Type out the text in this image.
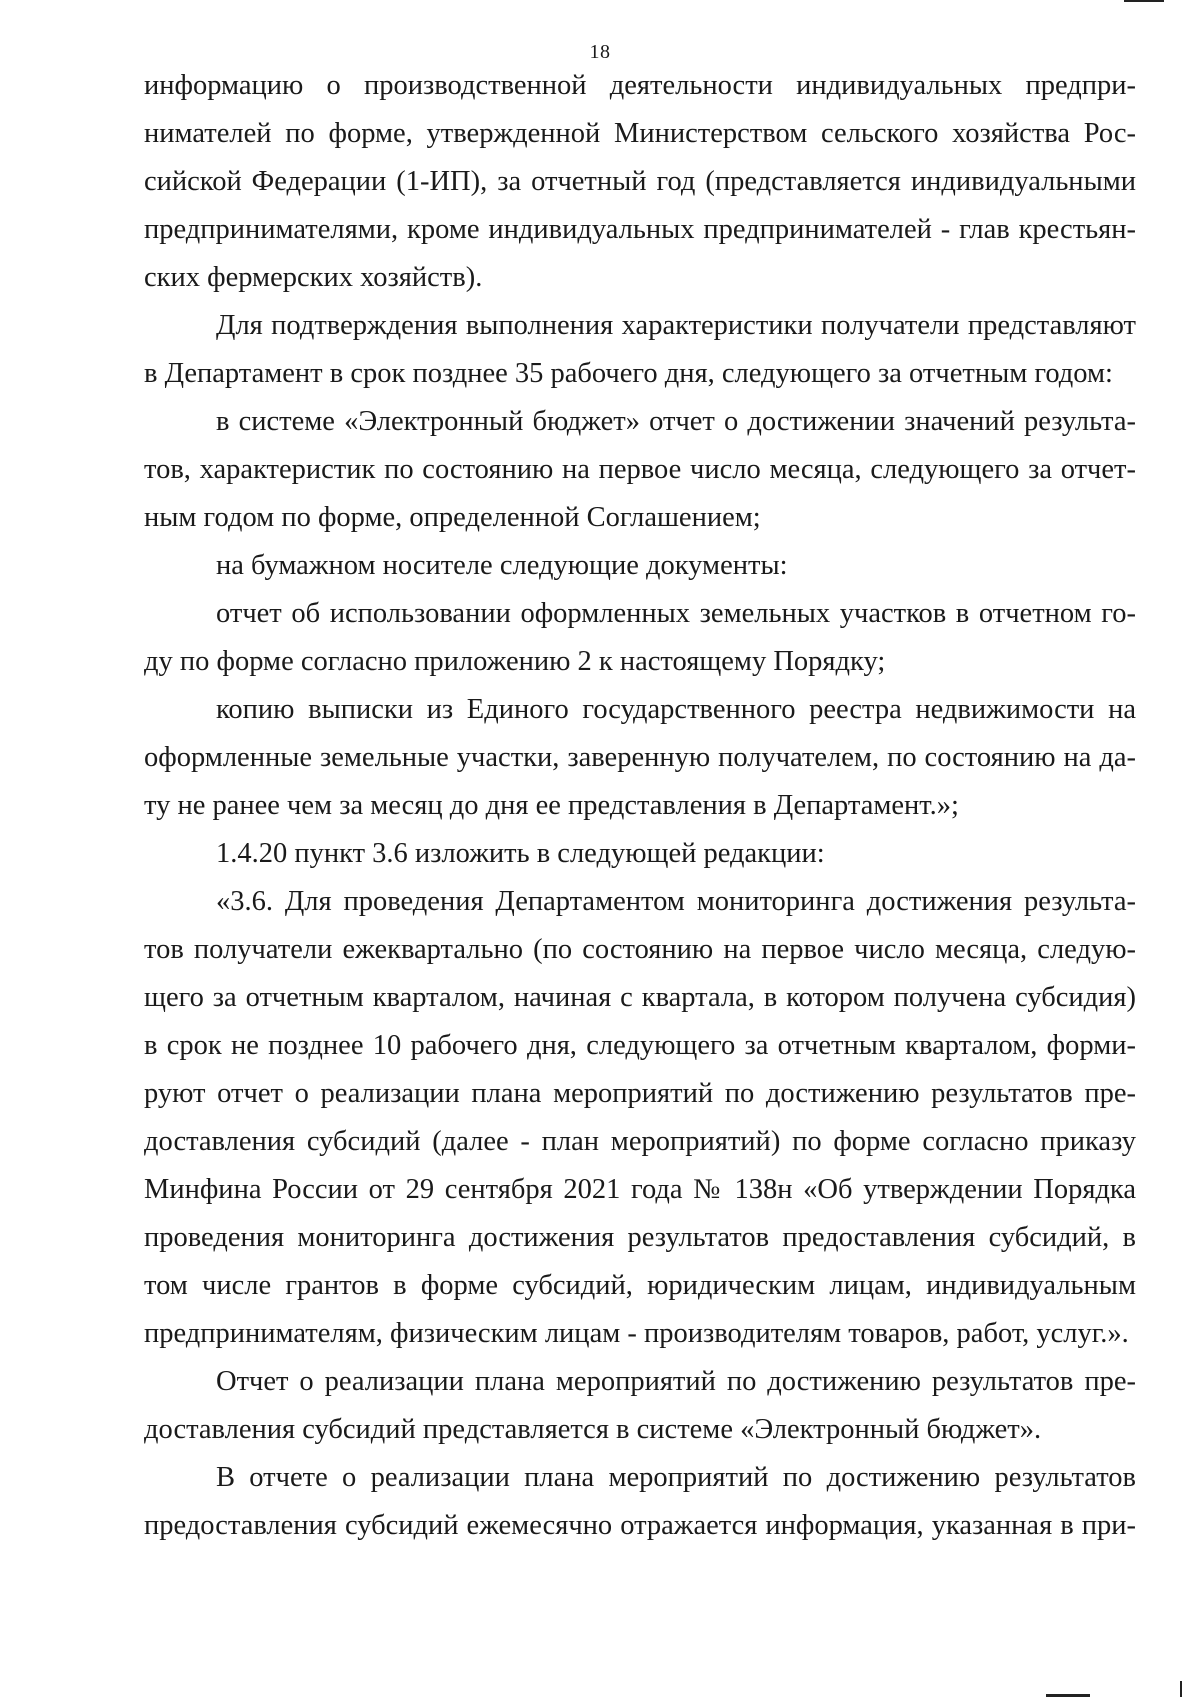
18

информацию о производственной деятельности индивидуальных предпри-
нимателей по форме, утвержденной Министерством сельского хозяйства Рос-
сийской Федерации (1-ИП), за отчетный год (представляется индивидуальными
предпринимателями, кроме индивидуальных предпринимателей - глав крестьян-
ских фермерских хозяйств).

Для подтверждения выполнения характеристики получатели представляют
в Департамент в срок позднее 35 рабочего дня, следующего за отчетным годом:

в системе «Электронный бюджет» отчет о достижении значений результа-
тов, характеристик по состоянию на первое число месяца, следующего за отчет-
ным годом по форме, определенной Соглашением;

на бумажном носителе следующие документы:

отчет об использовании оформленных земельных участков в отчетном го-
ду по форме согласно приложению 2 к настоящему Порядку;

копию выписки из Единого государственного реестра недвижимости на
оформленные земельные участки, заверенную получателем, по состоянию на да-
ту не ранее чем за месяц до дня ее представления в Департамент.»;

1.4.20 пункт 3.6 изложить в следующей редакции:

«3.6. Для проведения Департаментом мониторинга достижения результа-
тов получатели ежеквартально (по состоянию на первое число месяца, следую-
щего за отчетным кварталом, начиная с квартала, в котором получена субсидия)
в срок не позднее 10 рабочего дня, следующего за отчетным кварталом, форми-
руют отчет о реализации плана мероприятий по достижению результатов пре-
доставления субсидий (далее - план мероприятий) по форме согласно приказу
Минфина России от 29 сентября 2021 года № 138н «Об утверждении Порядка
проведения мониторинга достижения результатов предоставления субсидий, в
том числе грантов в форме субсидий, юридическим лицам, индивидуальным
предпринимателям, физическим лицам - производителям товаров, работ, услуг.».

Отчет о реализации плана мероприятий по достижению результатов пре-
доставления субсидий представляется в системе «Электронный бюджет».

В отчете о реализации плана мероприятий по достижению результатов
предоставления субсидий ежемесячно отражается информация, указанная в при-
